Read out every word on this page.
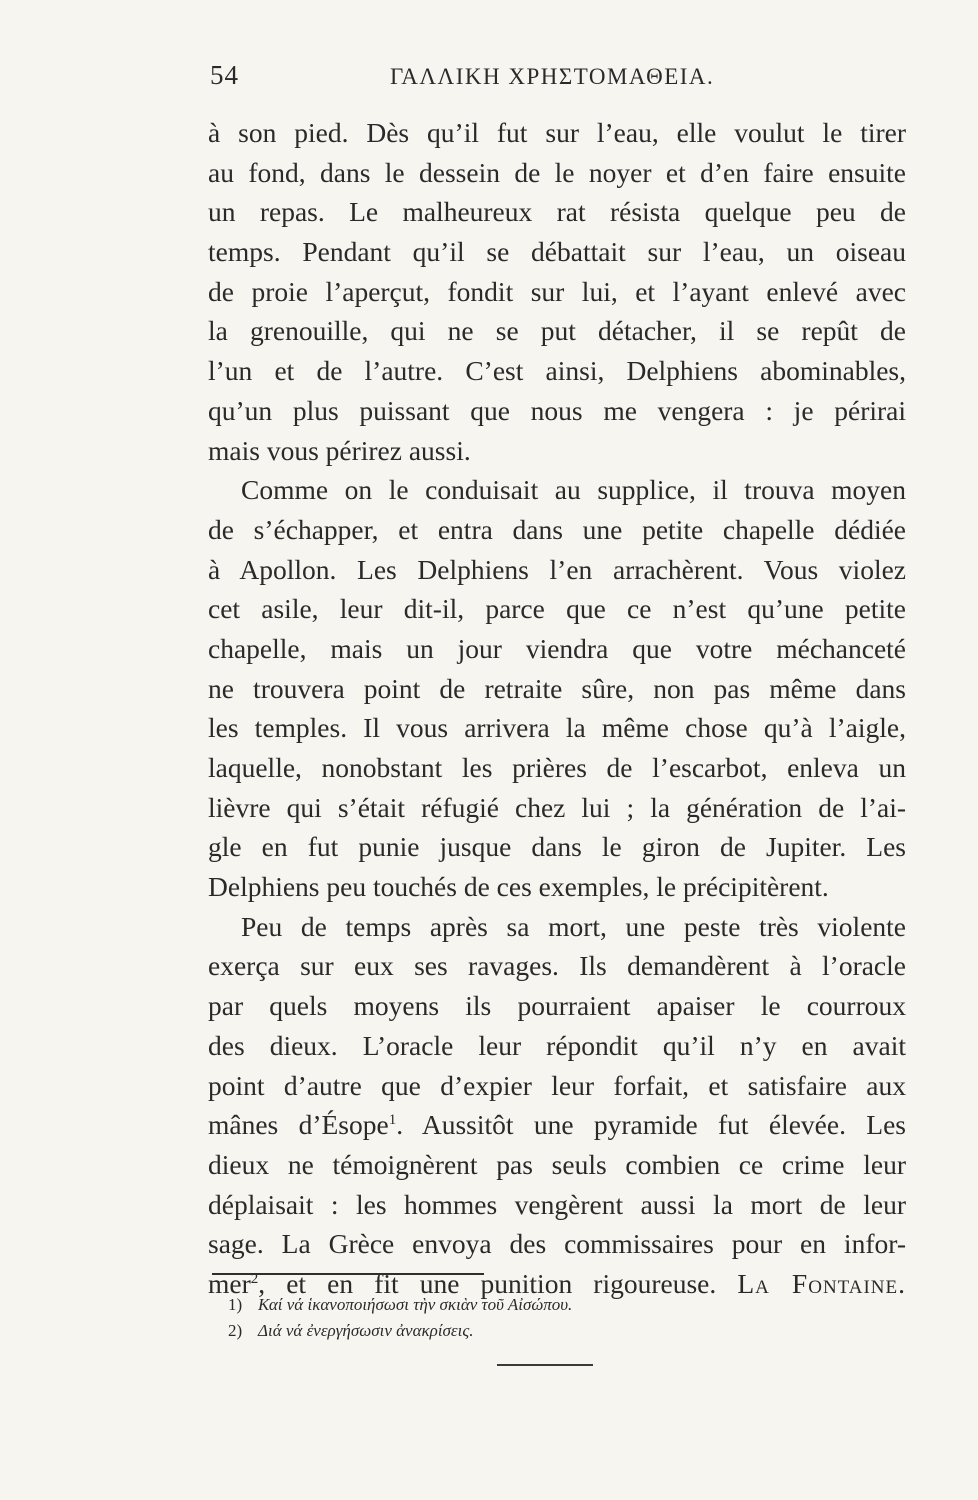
54	ΓΑΛΛΙΚΗ ΧΡΗΣΤΟΜΑΘΕΙΑ.
à son pied. Dès qu’il fut sur l’eau, elle voulut le tirer
au fond, dans le dessein de le noyer et d’en faire ensuite
un repas. Le malheureux rat résista quelque peu de
temps. Pendant qu’il se débattait sur l’eau, un oiseau
de proie l’aperçut, fondit sur lui, et l’ayant enlevé avec
la grenouille, qui ne se put détacher, il se repût de
l’un et de l’autre. C’est ainsi, Delphiens abominables,
qu’un plus puissant que nous me vengera : je périrai
mais vous périrez aussi.
Comme on le conduisait au supplice, il trouva moyen
de s’échapper, et entra dans une petite chapelle dédiée
à Apollon. Les Delphiens l’en arrachèrent. Vous violez
cet asile, leur dit-il, parce que ce n’est qu’une petite
chapelle, mais un jour viendra que votre méchanceté
ne trouvera point de retraite sûre, non pas même dans
les temples. Il vous arrivera la même chose qu’à l’aigle,
laquelle, nonobstant les prières de l’escarbot, enleva un
lièvre qui s’était réfugié chez lui ; la génération de l’ai-
gle en fut punie jusque dans le giron de Jupiter. Les
Delphiens peu touchés de ces exemples, le précipitèrent.
Peu de temps après sa mort, une peste très violente
exerça sur eux ses ravages. Ils demandèrent à l’oracle
par quels moyens ils pourraient apaiser le courroux
des dieux. L’oracle leur répondit qu’il n’y en avait
point d’autre que d’expier leur forfait, et satisfaire aux
mânes d’Ésope$^1$. Aussitôt une pyramide fut élevée. Les
dieux ne témoignèrent pas seuls combien ce crime leur
déplaisait : les hommes vengèrent aussi la mort de leur
sage. La Grèce envoya des commissaires pour en infor-
mer$^2$, et en fit une punition rigoureuse. La Fontaine.
1) Καί νά ἱκανοποιήσωσι τὴν σκιὰν τοῦ Αἰσώπου.
2) Διά νά ἐνεργήσωσιν ἀνακρίσεις.
